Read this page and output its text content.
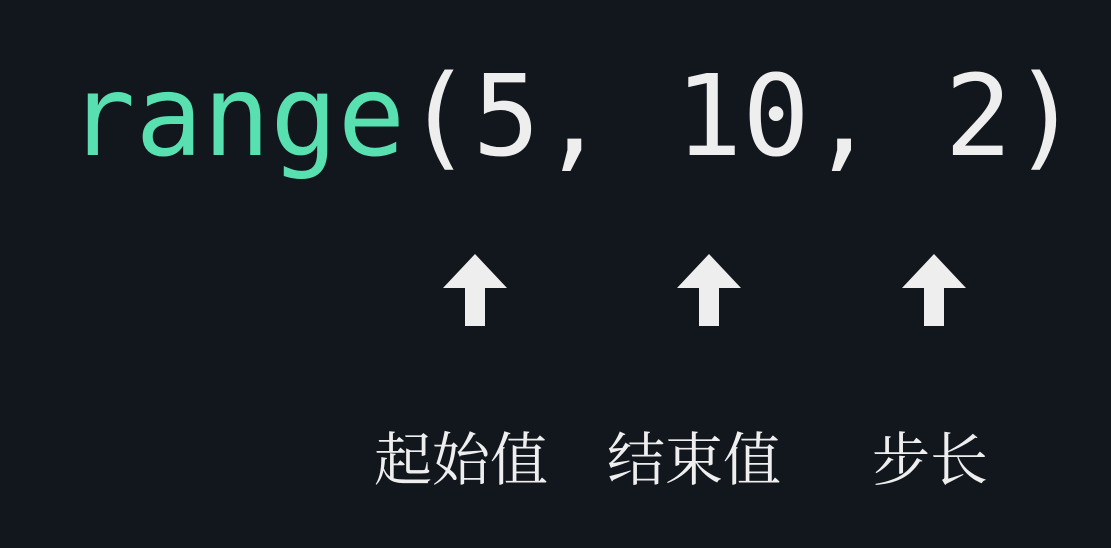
range(5, 10, 2)
起始值 结束值 步长
